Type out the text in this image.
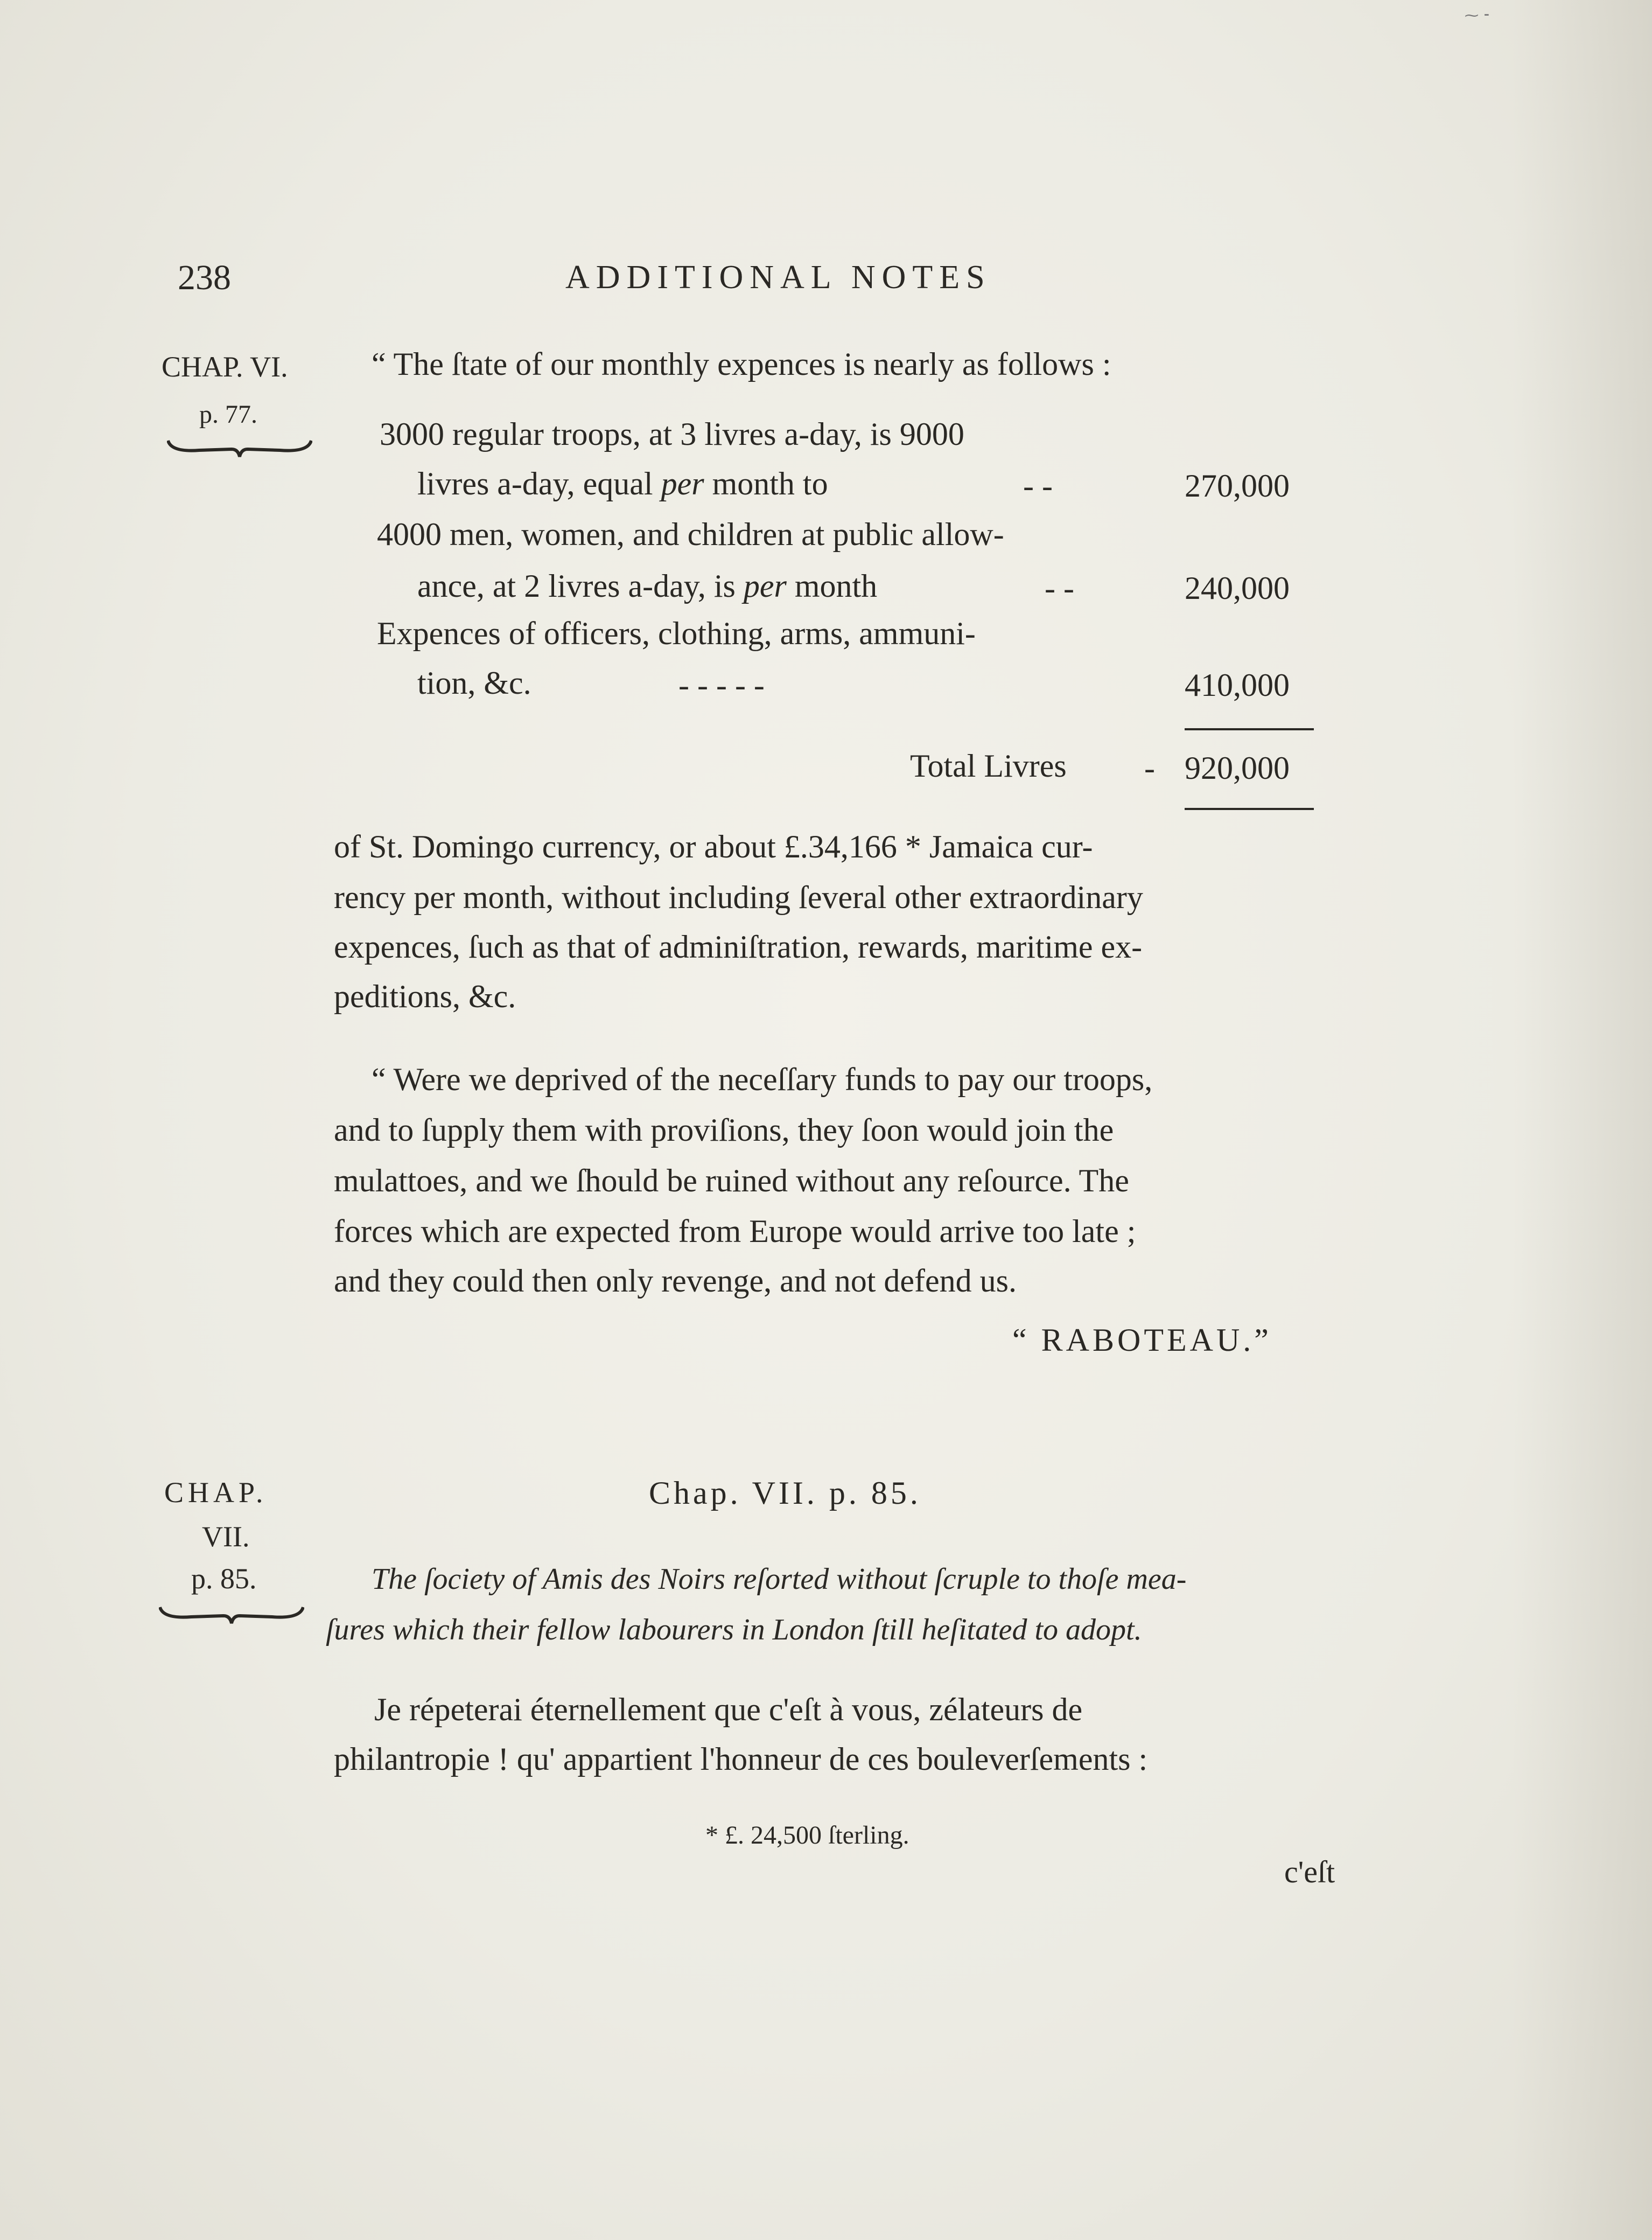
⁓ ⁃
238	ADDITIONAL NOTES
CHAP. VI.
p. 77.
“ The ſtate of our monthly expences is nearly as follows :
3000 regular troops, at 3 livres a-day, is 9000
livres a-day, equal per month to	- -	270,000
4000 men, women, and children at public allow-
ance, at 2 livres a-day, is per month	- -	240,000
Expences of officers, clothing, arms, ammuni-
tion, &c.	- - - - -	410,000
Total Livres - 920,000
of St. Domingo currency, or about £.34,166 * Jamaica cur-
rency per month, without including ſeveral other extraordinary
expences, ſuch as that of adminiſtration, rewards, maritime ex-
peditions, &c.
“ Were we deprived of the neceſſary funds to pay our troops,
and to ſupply them with proviſions, they ſoon would join the
mulattoes, and we ſhould be ruined without any reſource. The
forces which are expected from Europe would arrive too late ;
and they could then only revenge, and not defend us.
“ RABOTEAU.”
CHAP.
VII.
p. 85.
Chap. VII. p. 85.
The ſociety of Amis des Noirs reſorted without ſcruple to thoſe mea-
ſures which their fellow labourers in London ſtill heſitated to adopt.
Je répeterai éternellement que c'eſt à vous, zélateurs de
philantropie ! qu' appartient l'honneur de ces bouleverſements :
* £. 24,500 ſterling.
c'eſt
